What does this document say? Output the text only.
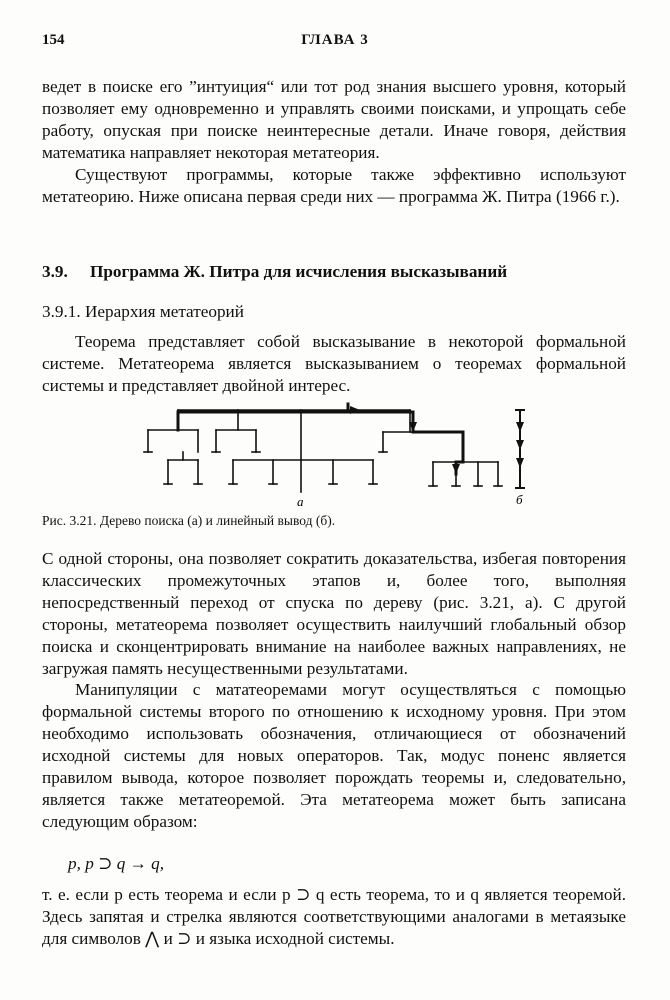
154	ГЛАВА 3

ведет в поиске его ”интуиция“ или тот род знания высшего уровня, который позволяет ему одновременно и управлять своими поисками, и упрощать себе работу, опуская при поиске неинтересные детали. Иначе говоря, действия математика направляет некоторая метатеория.

Существуют программы, которые также эффективно используют метатеорию. Ниже описана первая среди них — программа Ж. Питра (1966 г.).

3.9. Программа Ж. Питра для исчисления высказываний
3.9.1. Иерархия метатеорий

Теорема представляет собой высказывание в некоторой формальной системе. Метатеорема является высказыванием о теоремах формальной системы и представляет двойной интерес.

а	б
Рис. 3.21. Дерево поиска (а) и линейный вывод (б).

С одной стороны, она позволяет сократить доказательства, избегая повторения классических промежуточных этапов и, более того, выполняя непосредственный переход от спуска по дереву (рис. 3.21, а). С другой стороны, метатеорема позволяет осуществить наилучший глобальный обзор поиска и сконцентрировать внимание на наиболее важных направлениях, не загружая память несущественными результатами.

Манипуляции с мататеоремами могут осуществляться с помощью формальной системы второго по отношению к исходному уровня. При этом необходимо использовать обозначения, отличающиеся от обозначений исходной системы для новых операторов. Так, модус поненс является правилом вывода, которое позволяет порождать теоремы и, следовательно, является также метатеоремой. Эта метатеорема может быть записана следующим образом:

p, p ⊃ q → q,

т. е. если p есть теорема и если p ⊃ q есть теорема, то и q является теоремой. Здесь запятая и стрелка являются соответствующими аналогами в метаязыке для символов ⋀ и ⊃ и языка исходной системы.
